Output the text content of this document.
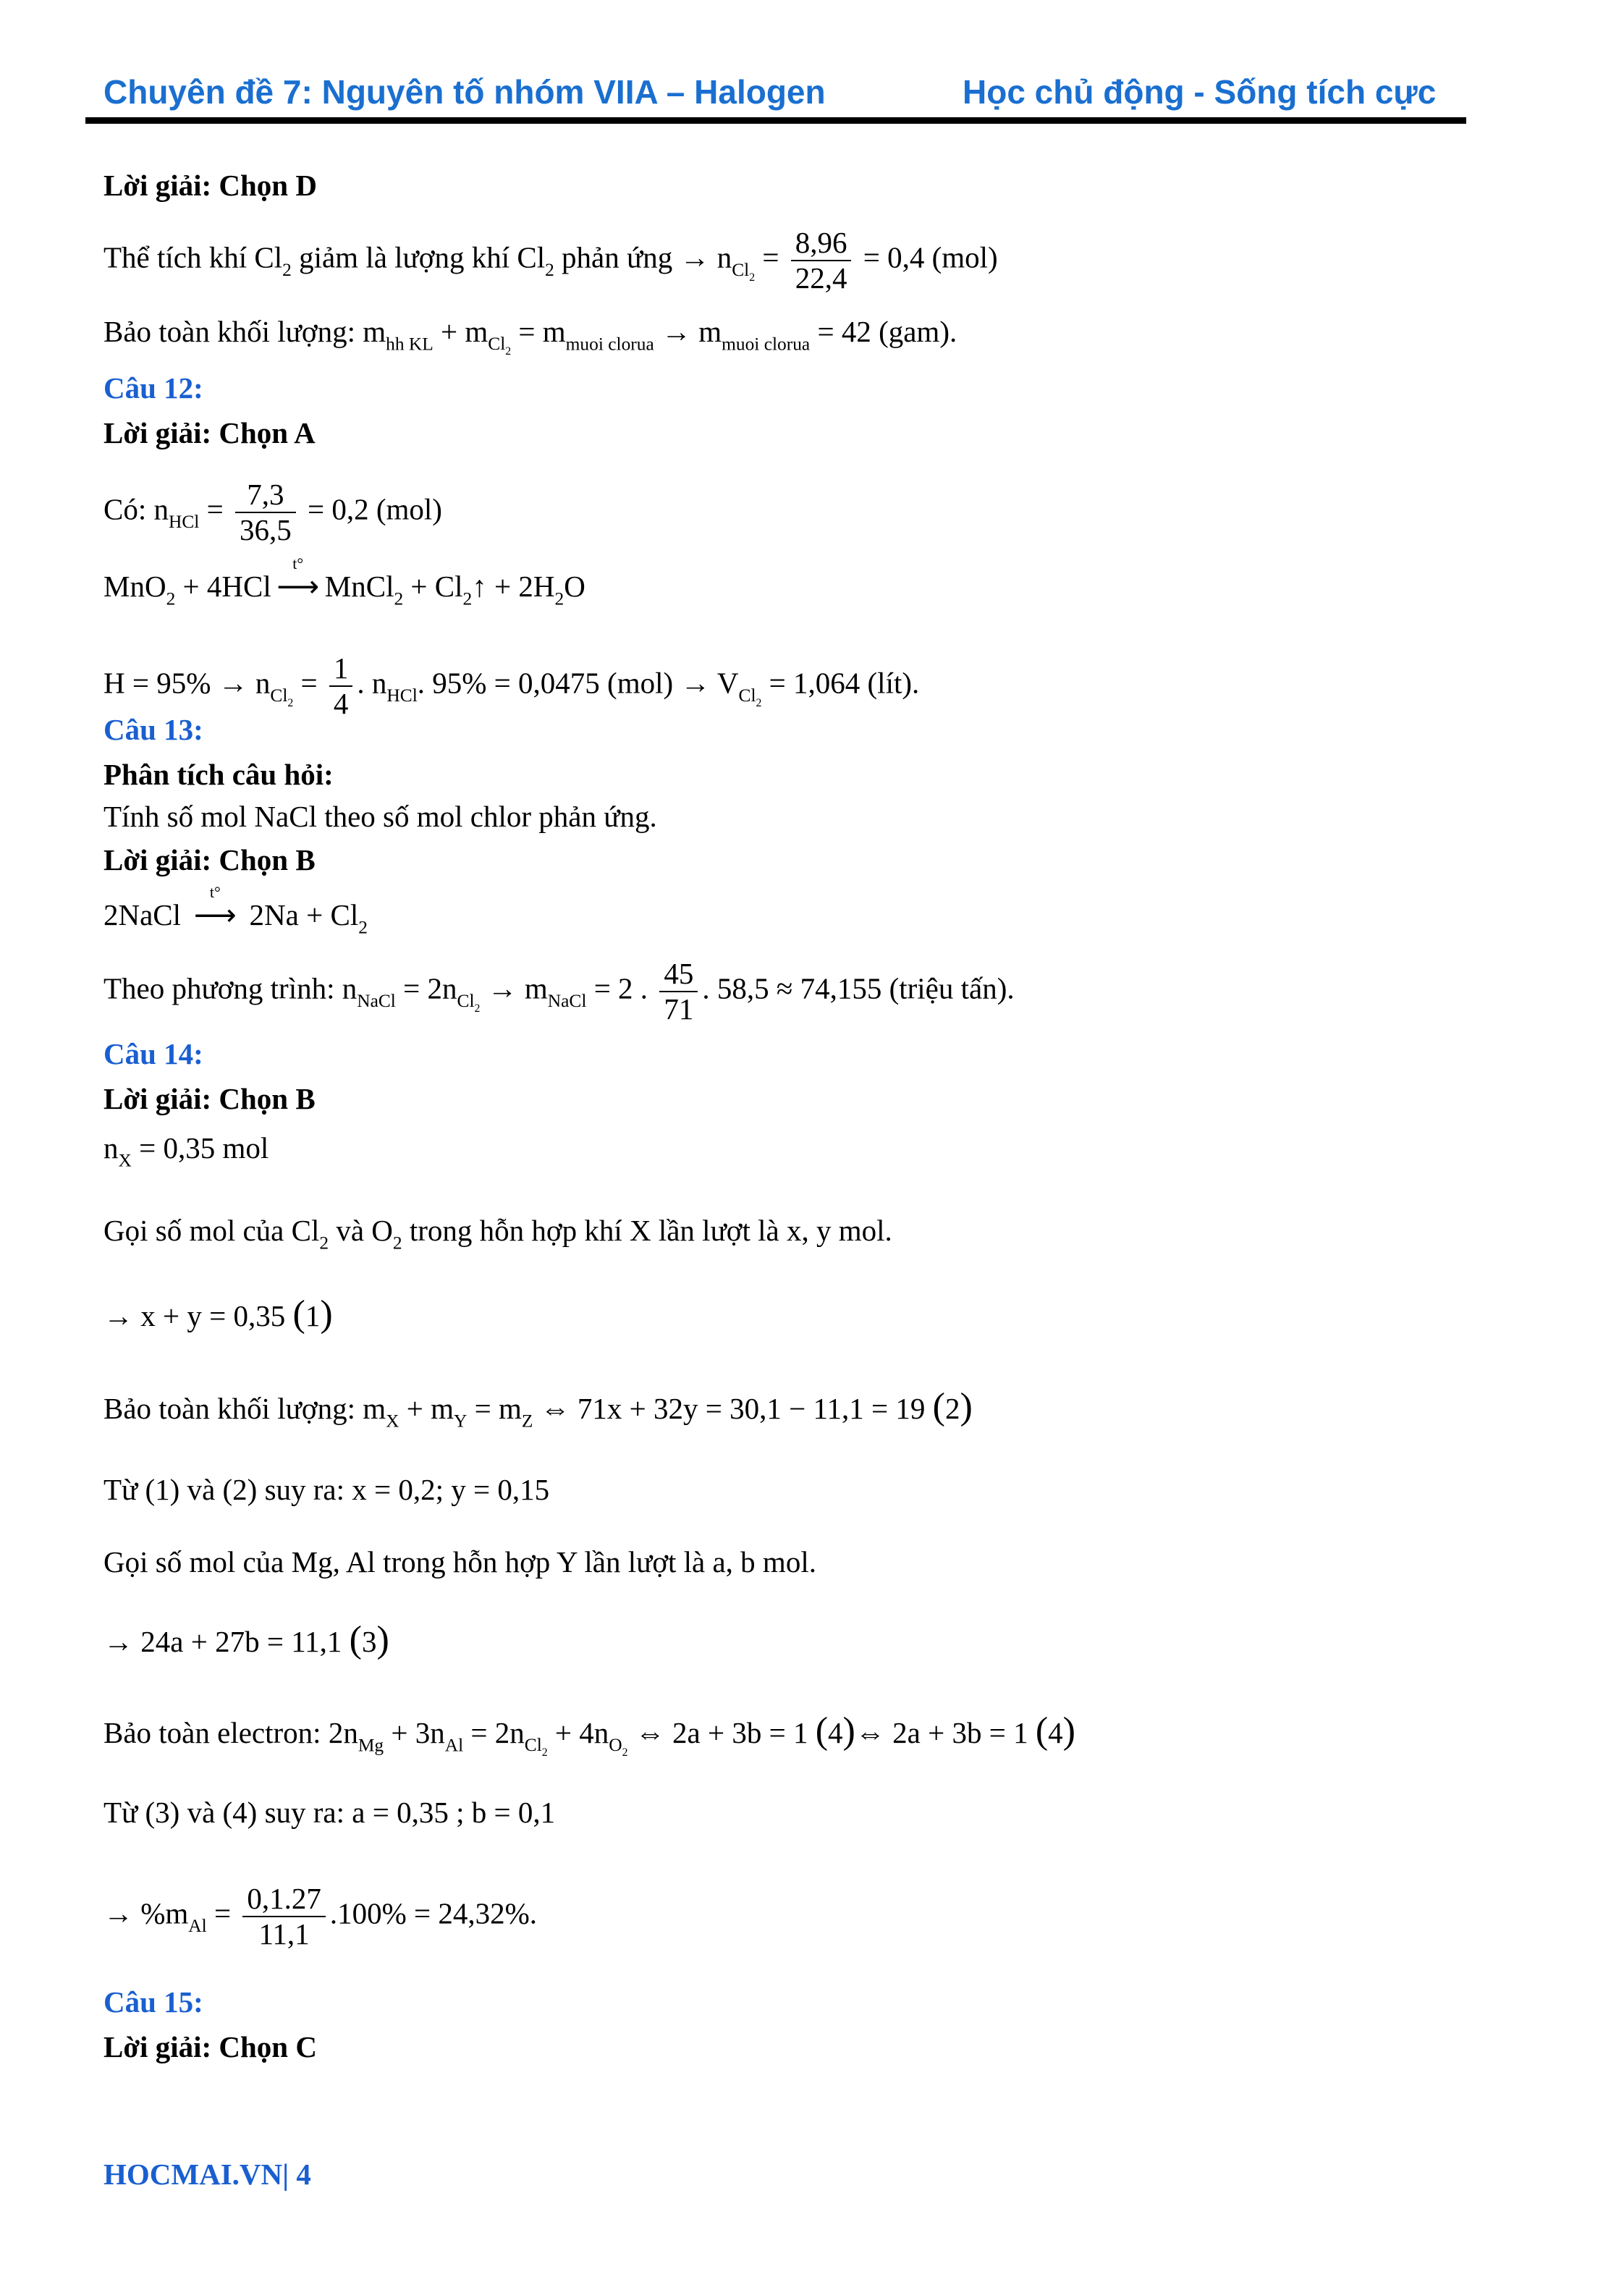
Chuyên đề 7: Nguyên tố nhóm VIIA – Halogen	Học chủ động - Sống tích cực
Lời giải: Chọn D
Thể tích khí $Cl_2$ giảm là lượng khí $Cl_2$ phản ứng → $n_{Cl_2} = \frac{8,96}{22,4} = 0,4$ (mol)
Bảo toàn khối lượng: $m_{hh KL} + m_{Cl_2} = m_{muoi clorua} \to m_{muoi clorua} = 42$ (gam).
Câu 12:
Lời giải: Chọn A
Có: $n_{HCl} = \frac{7,3}{36,5} = 0,2$ (mol)
MnO$_2$ + 4HCl
t°
⟶ MnCl$_2$ + $Cl_2↑ + 2H_2O$
$H = 95\% \to n_{Cl_2} = \frac{1}{4}$ . $n_{HCl}$. 95% = 0,0475 $(mol) \to V_{Cl_2} = 1,064$ (lít).
Câu 13:
Phân tích câu hỏi:
Tính số mol NaCl theo số mol chlor phản ứng.
Lời giải: Chọn B
2NaCl
t°
⟶ $2Na + Cl_2$
Theo phương trình: $n_{NaCl} = 2n_{Cl_2} \to m_{NaCl} = 2$ . $\frac{45}{71}$ . 58,5 ≈ 74,155 (triệu tấn).
Câu 14:
Lời giải: Chọn B
$n_X = 0,35$ mol
Gọi số mol của $Cl_2$ và $O_2$ trong hỗn hợp khí X lần lượt là x, y mol.
→ x + y = 0,35 (1)
Bảo toàn khối lượng: $m_X + m_Y = m_Z$ ⇔ 71x + 32y = 30,1 − 11,1 = 19 (2)
Từ (1) và (2) suy ra: x = 0,2; y = 0,15
Gọi số mol của Mg, Al trong hỗn hợp Y lần lượt là a, b mol.
→ 24a + 27b = 11,1 (3)
Bảo toàn electron: $2n_{Mg} + 3n_{Al} = 2n_{Cl_2} + 4n_{O_2}$ ⇔ 2a + 3b = 1 (4)⇔ 2a + 3b = 1 (4)
Từ (3) và (4) suy ra: a = 0,35 ; b = 0,1
→ $\%m_{Al} = \frac{0,1.27}{11,1} .100\% = 24,32\%$.
Câu 15:
Lời giải: Chọn C
HOCMAI.VN| 4
